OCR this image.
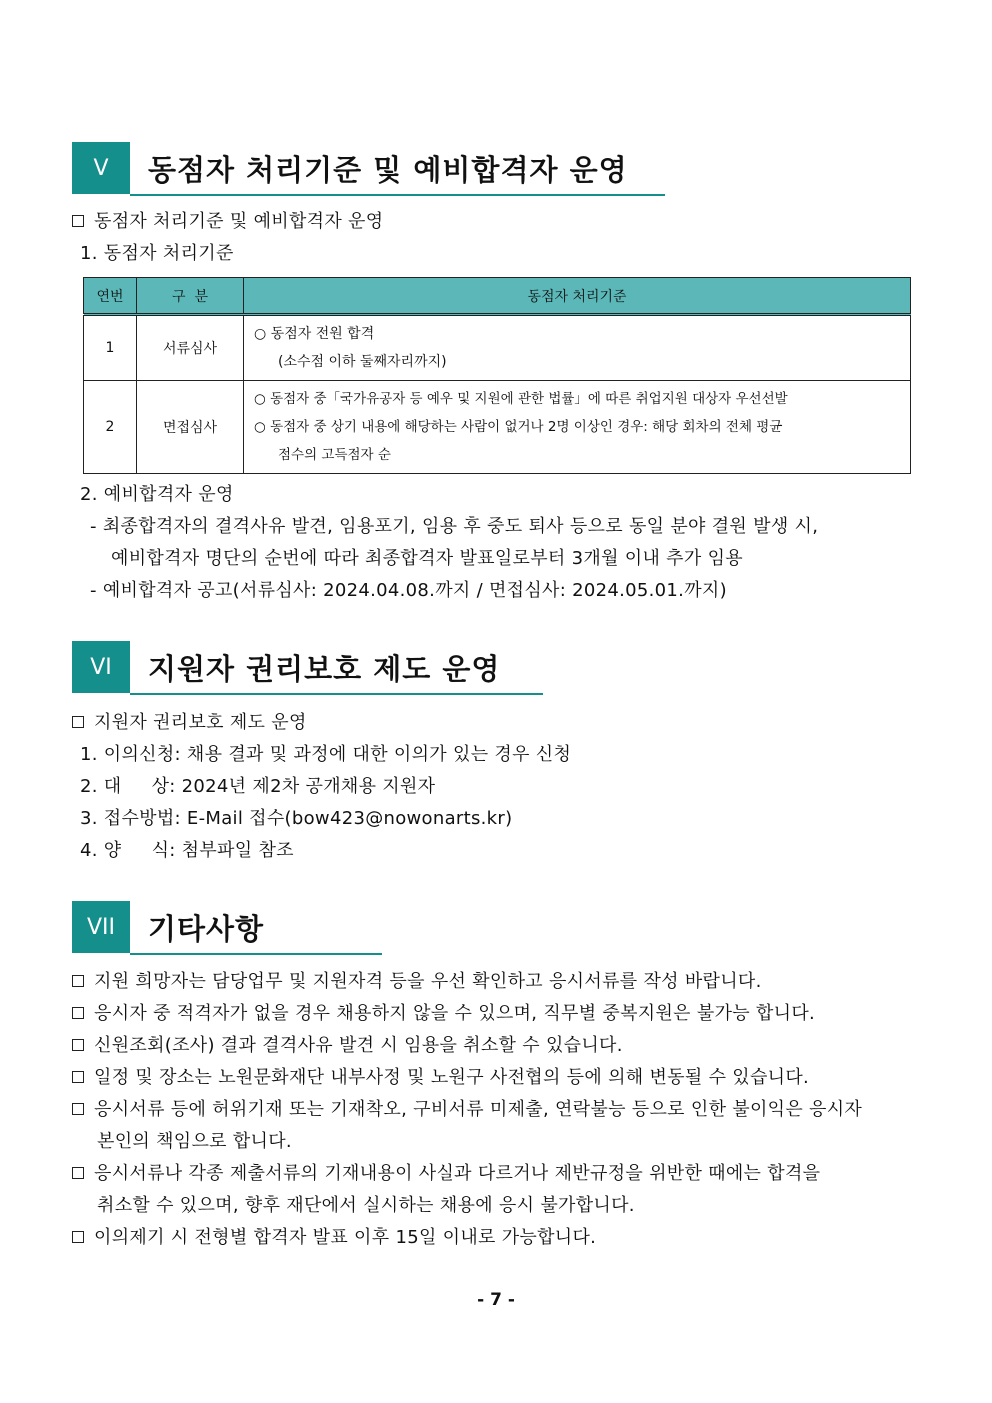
V	동점자 처리기준 및 예비합격자 운영
동점자 처리기준 및 예비합격자 운영
1. 동점자 처리기준
연번	구  분	동점자 처리기준
1	서류심사	○ 동점자 전원 합격
(소수점 이하 둘째자리까지)

2	면접심사	○ 동점자 중「국가유공자 등 예우 및 지원에 관한 법률」에 따른 취업지원 대상자 우선선발
○ 동점자 중 상기 내용에 해당하는 사람이 없거나 2명 이상인 경우: 해당 회차의 전체 평균
점수의 고득점자 순
2. 예비합격자 운영
- 최종합격자의 결격사유 발견, 임용포기, 임용 후 중도 퇴사 등으로 동일 분야 결원 발생 시,
예비합격자 명단의 순번에 따라 최종합격자 발표일로부터 3개월 이내 추가 임용
- 예비합격자 공고(서류심사: 2024.04.08.까지 / 면접심사: 2024.05.01.까지)
VI	지원자 권리보호 제도 운영
지원자 권리보호 제도 운영
1. 이의신청: 채용 결과 및 과정에 대한 이의가 있는 경우 신청
2. 대     상: 2024년 제2차 공개채용 지원자
3. 접수방법: E-Mail 접수(bow423@nowonarts.kr)
4. 양     식: 첨부파일 참조
VII	기타사항
지원 희망자는 담당업무 및 지원자격 등을 우선 확인하고 응시서류를 작성 바랍니다.
응시자 중 적격자가 없을 경우 채용하지 않을 수 있으며, 직무별 중복지원은 불가능 합니다.
신원조회(조사) 결과 결격사유 발견 시 임용을 취소할 수 있습니다.
일정 및 장소는 노원문화재단 내부사정 및 노원구 사전협의 등에 의해 변동될 수 있습니다.
응시서류 등에 허위기재 또는 기재착오, 구비서류 미제출, 연락불능 등으로 인한 불이익은 응시자
본인의 책임으로 합니다.
응시서류나 각종 제출서류의 기재내용이 사실과 다르거나 제반규정을 위반한 때에는 합격을
취소할 수 있으며, 향후 재단에서 실시하는 채용에 응시 불가합니다.
이의제기 시 전형별 합격자 발표 이후 15일 이내로 가능합니다.
- 7 -
